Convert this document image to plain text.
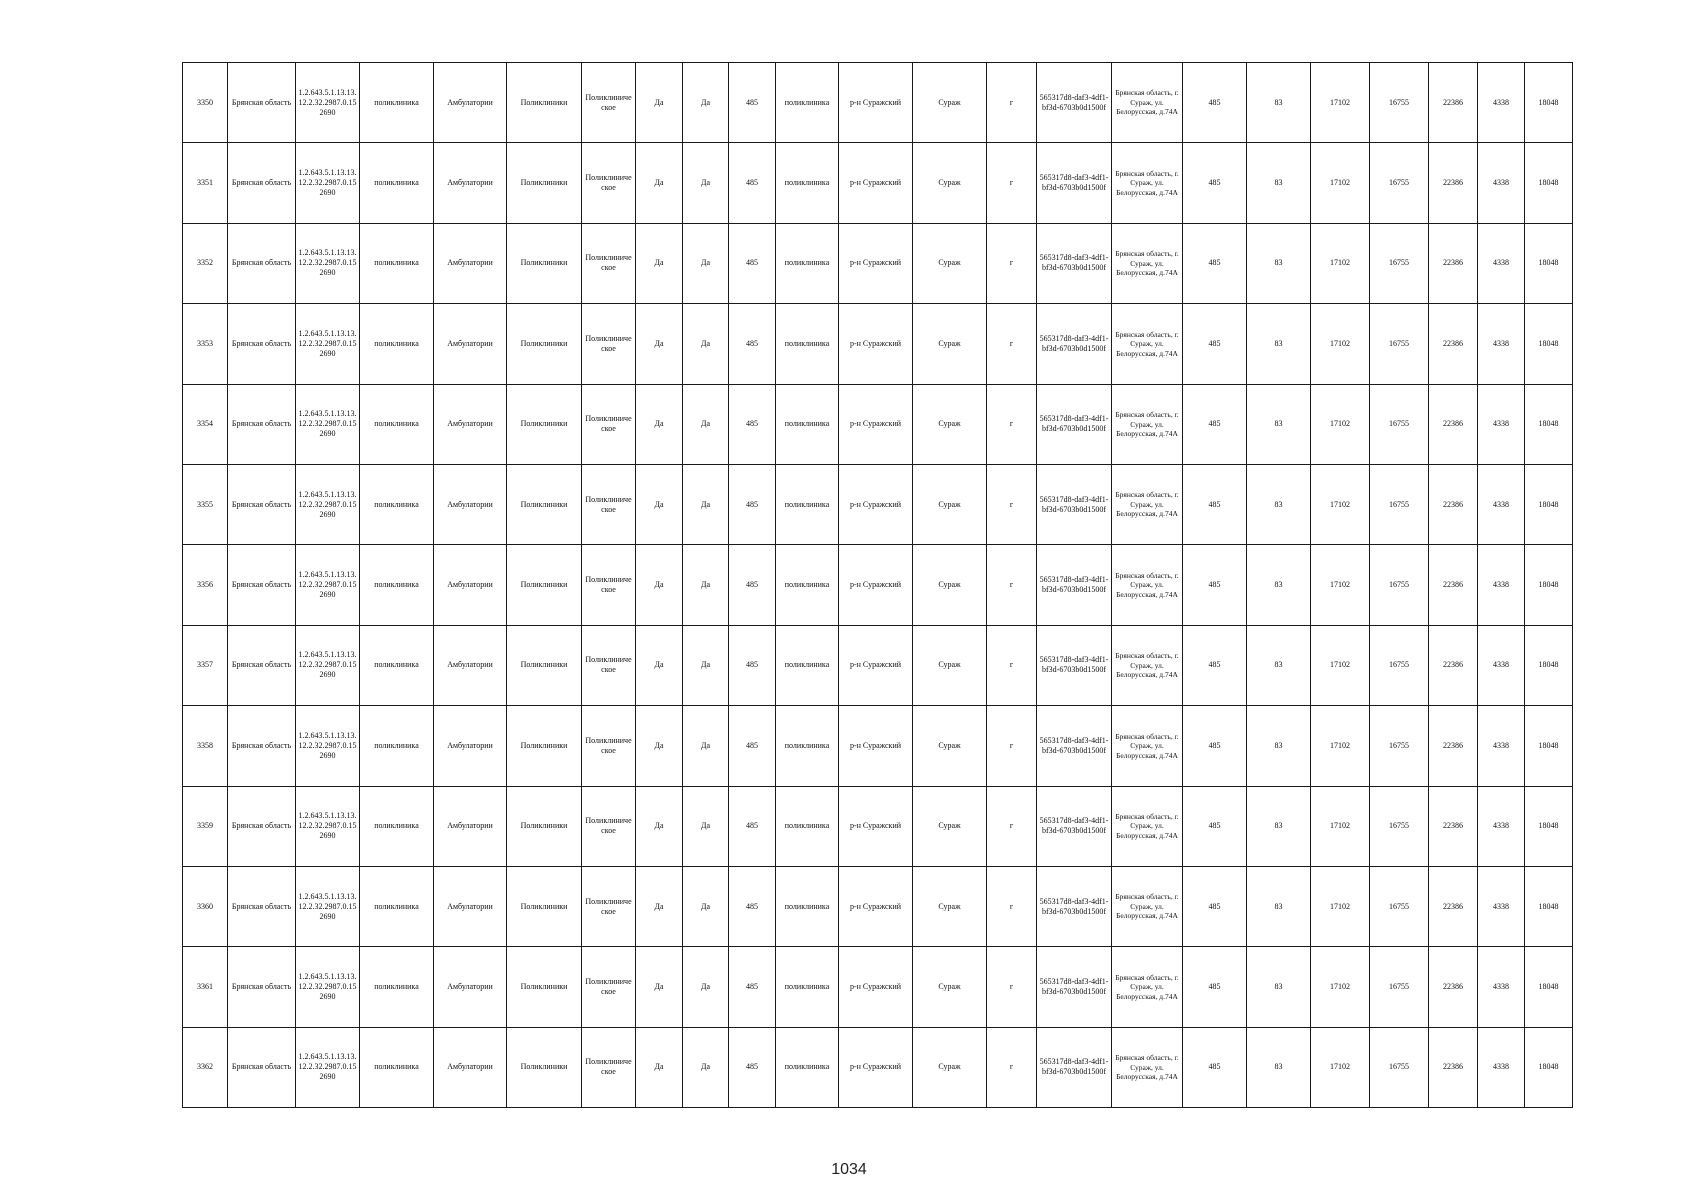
3350	Брянская область	1.2.643.5.1.13.13.12.2.32.2987.0.152690	поликлиника	Амбулатории	Поликлиники	Поликлиническое	Да	Да	485	поликлиника	р-н Суражский	Сураж	г	565317d8-daf3-4df1-bf3d-6703b0d1500f	Брянская область, г. Сураж, ул. Белорусская, д.74А	485	83	17102	16755	22386	4338	18048
3351	Брянская область	1.2.643.5.1.13.13.12.2.32.2987.0.152690	поликлиника	Амбулатории	Поликлиники	Поликлиническое	Да	Да	485	поликлиника	р-н Суражский	Сураж	г	565317d8-daf3-4df1-bf3d-6703b0d1500f	Брянская область, г. Сураж, ул. Белорусская, д.74А	485	83	17102	16755	22386	4338	18048
3352	Брянская область	1.2.643.5.1.13.13.12.2.32.2987.0.152690	поликлиника	Амбулатории	Поликлиники	Поликлиническое	Да	Да	485	поликлиника	р-н Суражский	Сураж	г	565317d8-daf3-4df1-bf3d-6703b0d1500f	Брянская область, г. Сураж, ул. Белорусская, д.74А	485	83	17102	16755	22386	4338	18048
3353	Брянская область	1.2.643.5.1.13.13.12.2.32.2987.0.152690	поликлиника	Амбулатории	Поликлиники	Поликлиническое	Да	Да	485	поликлиника	р-н Суражский	Сураж	г	565317d8-daf3-4df1-bf3d-6703b0d1500f	Брянская область, г. Сураж, ул. Белорусская, д.74А	485	83	17102	16755	22386	4338	18048
3354	Брянская область	1.2.643.5.1.13.13.12.2.32.2987.0.152690	поликлиника	Амбулатории	Поликлиники	Поликлиническое	Да	Да	485	поликлиника	р-н Суражский	Сураж	г	565317d8-daf3-4df1-bf3d-6703b0d1500f	Брянская область, г. Сураж, ул. Белорусская, д.74А	485	83	17102	16755	22386	4338	18048
3355	Брянская область	1.2.643.5.1.13.13.12.2.32.2987.0.152690	поликлиника	Амбулатории	Поликлиники	Поликлиническое	Да	Да	485	поликлиника	р-н Суражский	Сураж	г	565317d8-daf3-4df1-bf3d-6703b0d1500f	Брянская область, г. Сураж, ул. Белорусская, д.74А	485	83	17102	16755	22386	4338	18048
3356	Брянская область	1.2.643.5.1.13.13.12.2.32.2987.0.152690	поликлиника	Амбулатории	Поликлиники	Поликлиническое	Да	Да	485	поликлиника	р-н Суражский	Сураж	г	565317d8-daf3-4df1-bf3d-6703b0d1500f	Брянская область, г. Сураж, ул. Белорусская, д.74А	485	83	17102	16755	22386	4338	18048
3357	Брянская область	1.2.643.5.1.13.13.12.2.32.2987.0.152690	поликлиника	Амбулатории	Поликлиники	Поликлиническое	Да	Да	485	поликлиника	р-н Суражский	Сураж	г	565317d8-daf3-4df1-bf3d-6703b0d1500f	Брянская область, г. Сураж, ул. Белорусская, д.74А	485	83	17102	16755	22386	4338	18048
3358	Брянская область	1.2.643.5.1.13.13.12.2.32.2987.0.152690	поликлиника	Амбулатории	Поликлиники	Поликлиническое	Да	Да	485	поликлиника	р-н Суражский	Сураж	г	565317d8-daf3-4df1-bf3d-6703b0d1500f	Брянская область, г. Сураж, ул. Белорусская, д.74А	485	83	17102	16755	22386	4338	18048
3359	Брянская область	1.2.643.5.1.13.13.12.2.32.2987.0.152690	поликлиника	Амбулатории	Поликлиники	Поликлиническое	Да	Да	485	поликлиника	р-н Суражский	Сураж	г	565317d8-daf3-4df1-bf3d-6703b0d1500f	Брянская область, г. Сураж, ул. Белорусская, д.74А	485	83	17102	16755	22386	4338	18048
3360	Брянская область	1.2.643.5.1.13.13.12.2.32.2987.0.152690	поликлиника	Амбулатории	Поликлиники	Поликлиническое	Да	Да	485	поликлиника	р-н Суражский	Сураж	г	565317d8-daf3-4df1-bf3d-6703b0d1500f	Брянская область, г. Сураж, ул. Белорусская, д.74А	485	83	17102	16755	22386	4338	18048
3361	Брянская область	1.2.643.5.1.13.13.12.2.32.2987.0.152690	поликлиника	Амбулатории	Поликлиники	Поликлиническое	Да	Да	485	поликлиника	р-н Суражский	Сураж	г	565317d8-daf3-4df1-bf3d-6703b0d1500f	Брянская область, г. Сураж, ул. Белорусская, д.74А	485	83	17102	16755	22386	4338	18048
3362	Брянская область	1.2.643.5.1.13.13.12.2.32.2987.0.152690	поликлиника	Амбулатории	Поликлиники	Поликлиническое	Да	Да	485	поликлиника	р-н Суражский	Сураж	г	565317d8-daf3-4df1-bf3d-6703b0d1500f	Брянская область, г. Сураж, ул. Белорусская, д.74А	485	83	17102	16755	22386	4338	18048
1034
